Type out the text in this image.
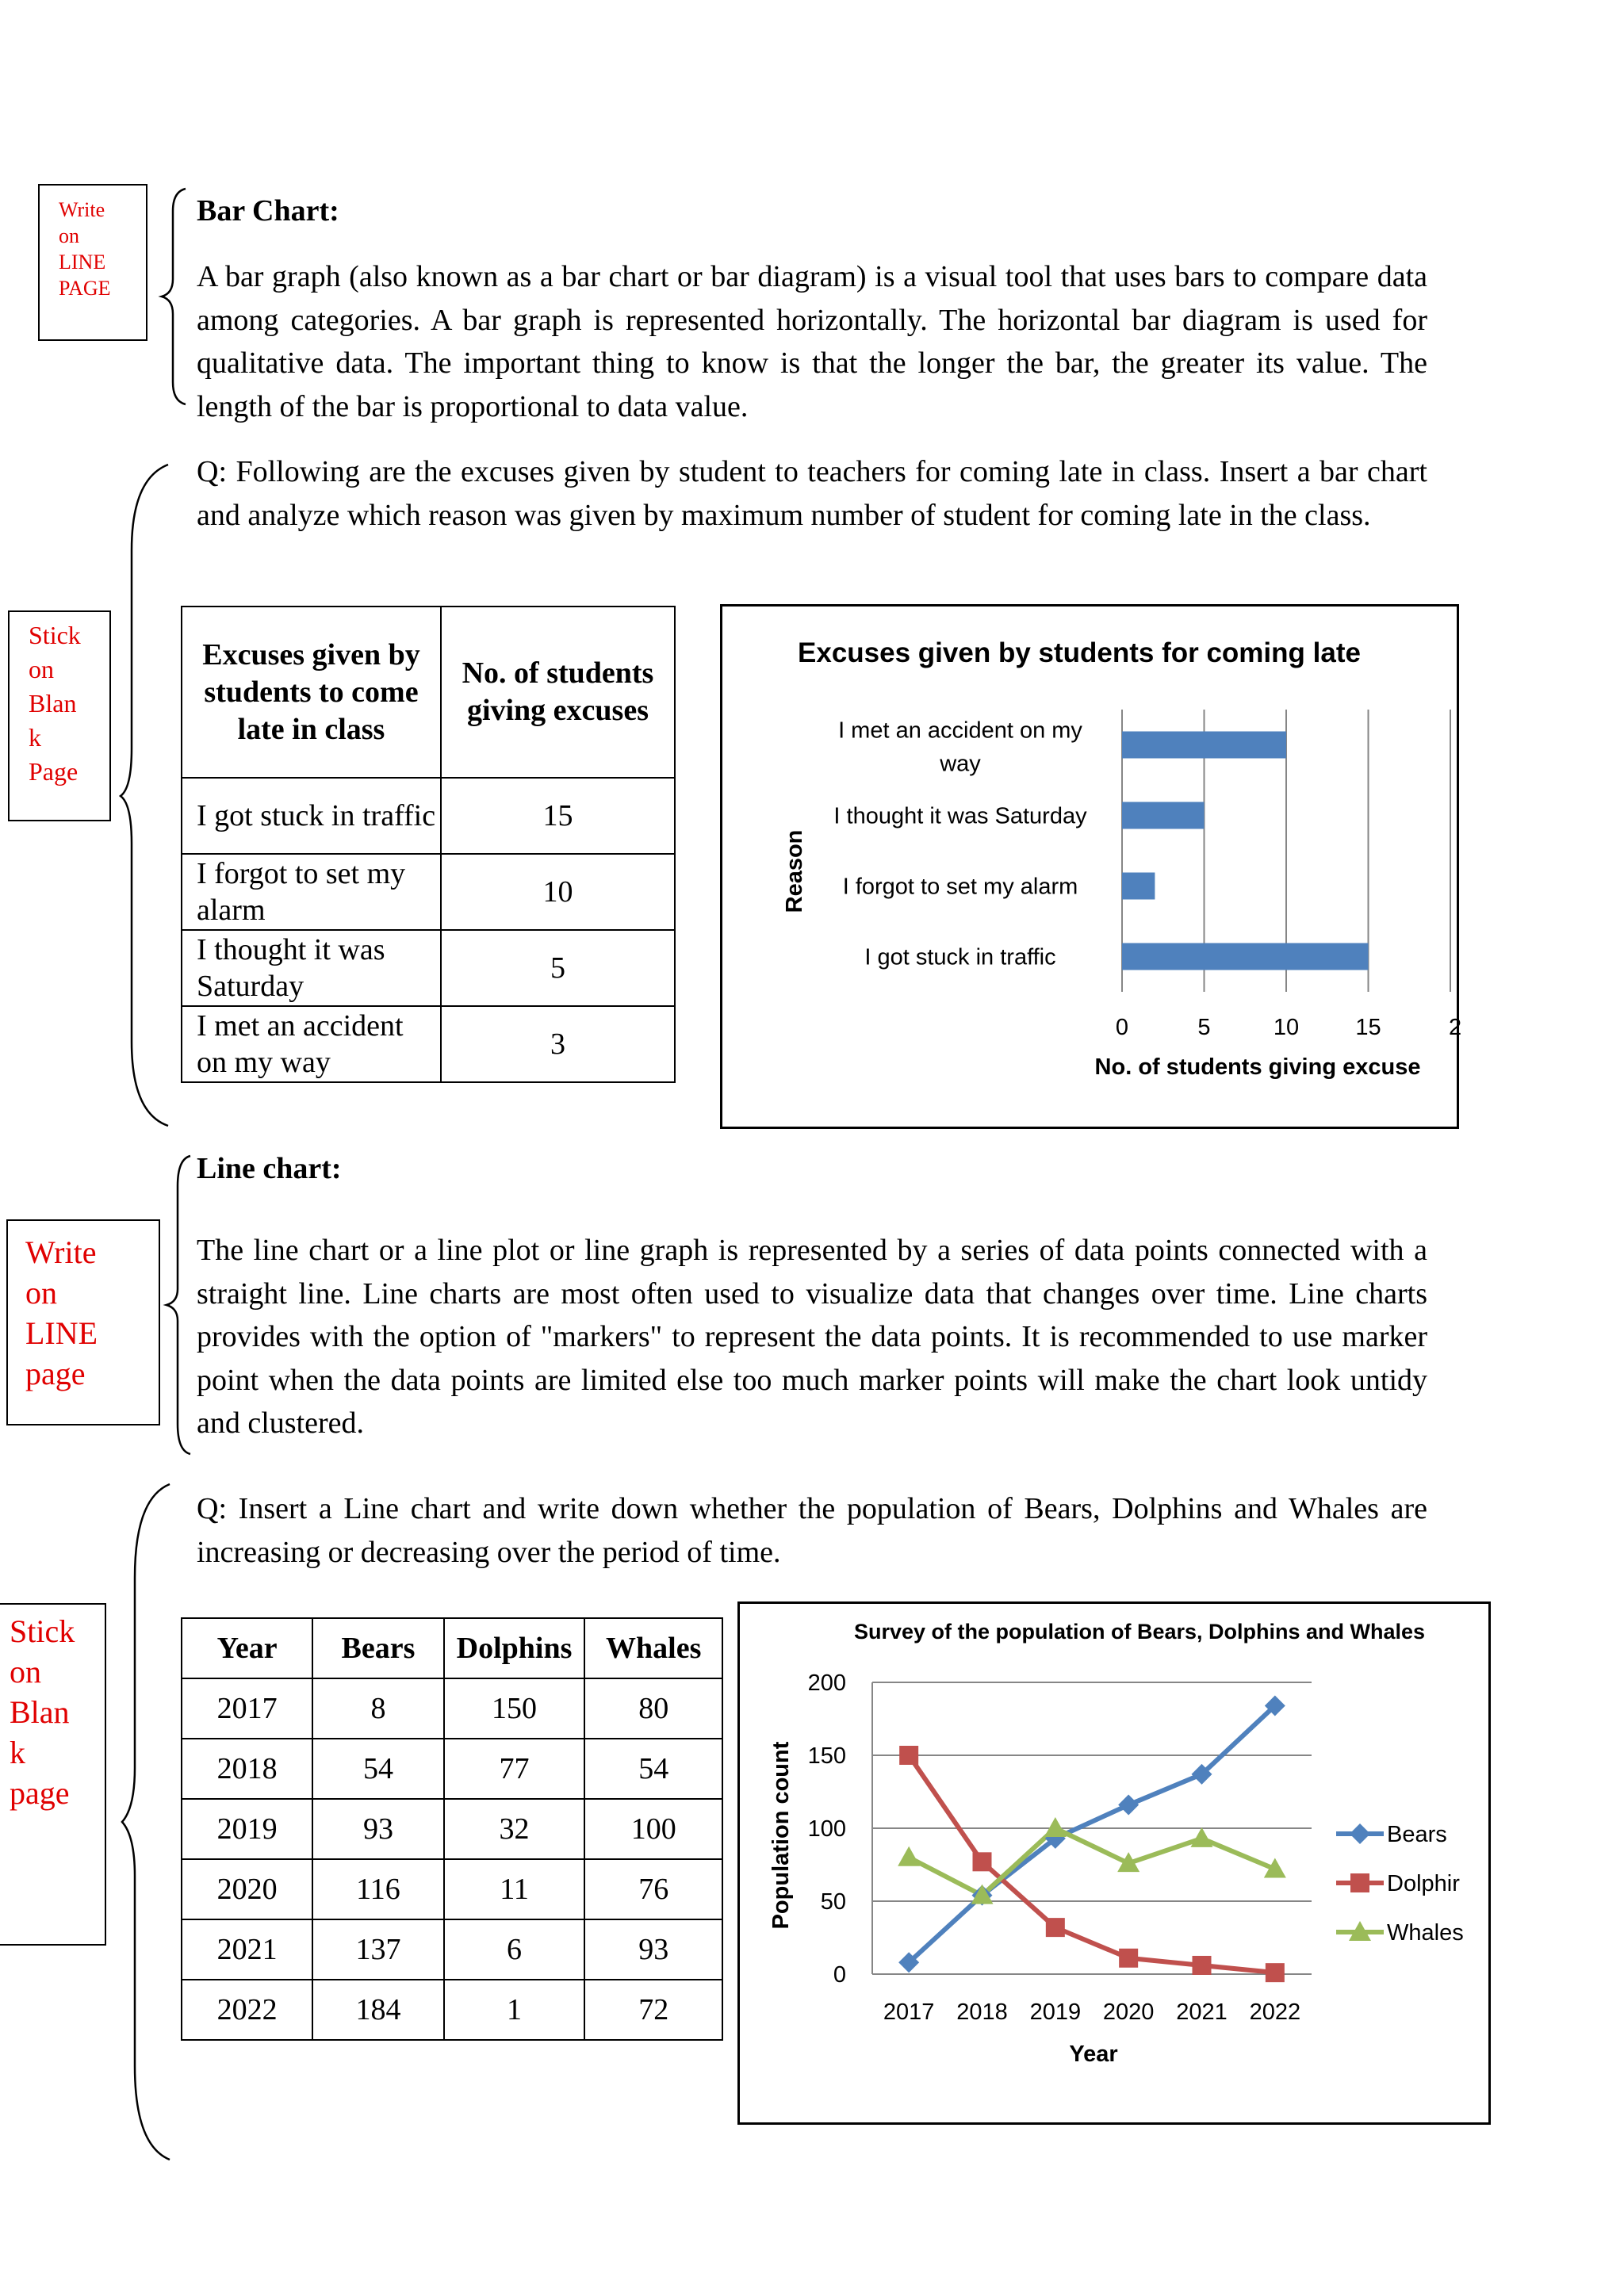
Write
on
LINE
PAGE
Stick
on
Blan
k
Page
Write
on
LINE
page
Stick
on
Blan
k
page
Bar Chart:
A bar graph (also known as a bar chart or bar diagram) is a visual tool that uses bars to compare data among categories. A bar graph is represented horizontally. The horizontal bar diagram is used for qualitative data. The important thing to know is that the longer the bar, the greater its value. The length of the bar is proportional to data value.
Q: Following are the excuses given by student to teachers for coming late in class. Insert a bar chart and analyze which reason was given by maximum number of student for coming late in the class.
Excuses given by students to come late in class	No. of students giving excuses
I got stuck in traffic	15
I forgot to set my alarm	10
I thought it was Saturday	5
I met an accident on my way	3
Excuses given by students for coming late
I met an accident on my way
I thought it was Saturday
I forgot to set my alarm
I got stuck in traffic
0	5	10 15	2
No. of students giving excuse
Reason
Line chart:
The line chart or a line plot or line graph is represented by a series of data points connected with a straight line. Line charts are most often used to visualize data that changes over time. Line charts provides with the option of "markers" to represent the data points. It is recommended to use marker point when the data points are limited else too much marker points will make the chart look untidy and clustered.
Q: Insert a Line chart and write down whether the population of Bears, Dolphins and Whales are increasing or decreasing over the period of time.
Year	Bears	Dolphins	Whales
2017	8	150	80
2018	54	77	54
2019	93	32	100
2020	116	11	76
2021	137	6	93
2022	184	1	72
Survey of the population of Bears, Dolphins and Whales
0
50
100
150
200
2017 2018 2019 2020 2021 2022
Bears
Dolphir
Whales
Year
Population count
